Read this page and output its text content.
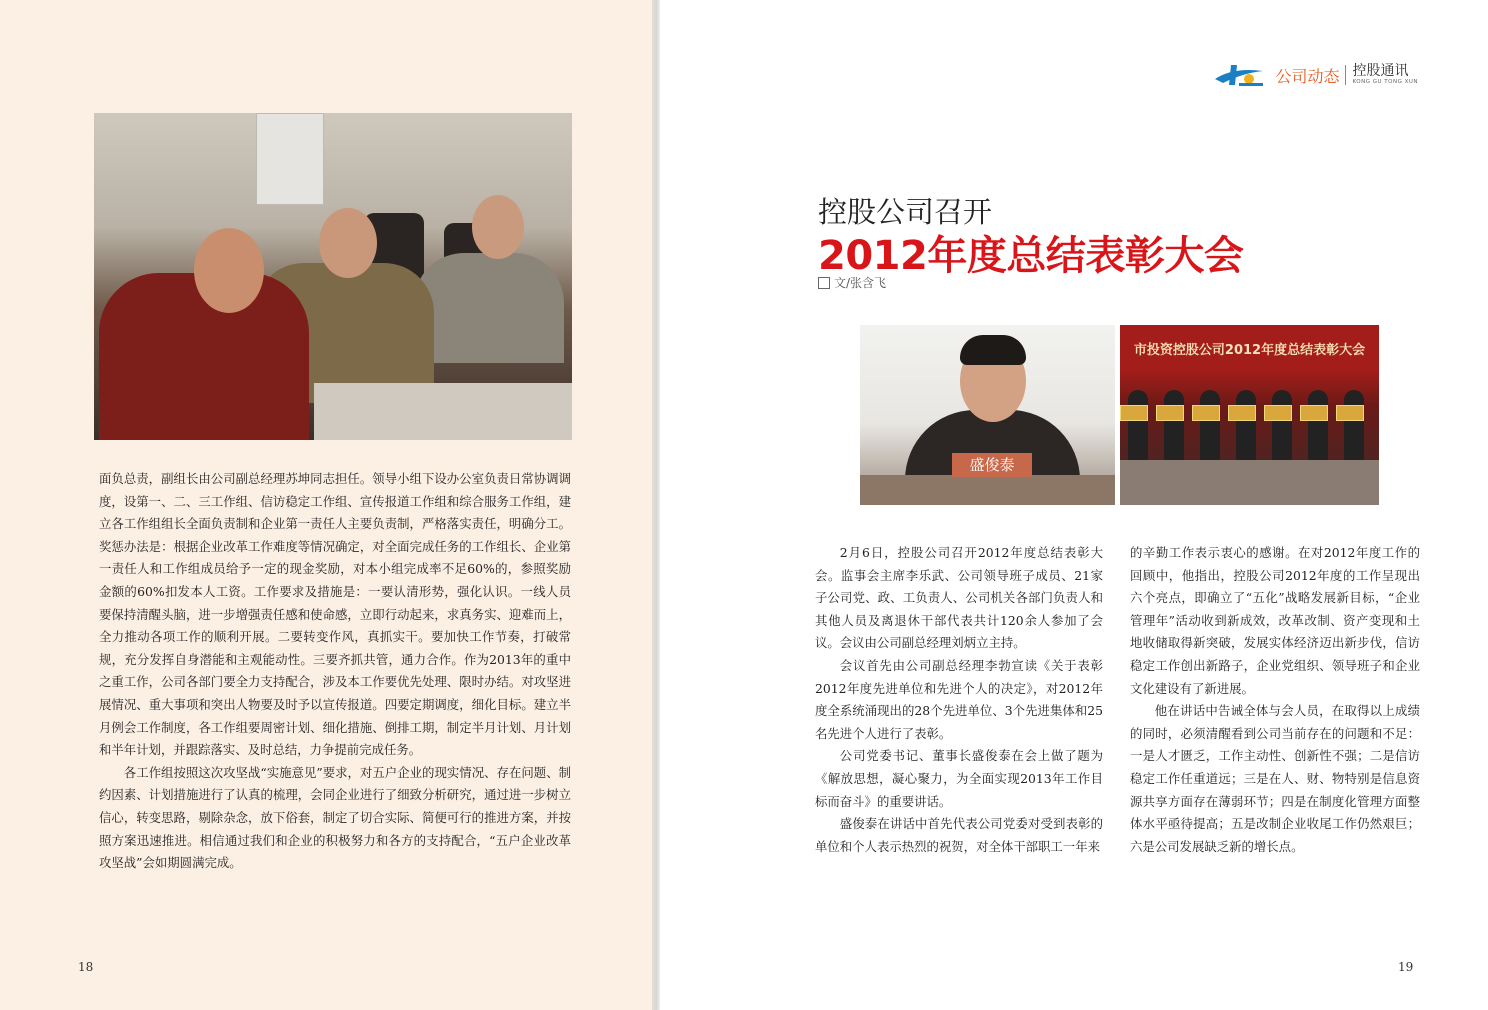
面负总责，副组长由公司副总经理苏坤同志担任。领导小组下设办公室负责日常协调调度，设第一、二、三工作组、信访稳定工作组、宣传报道工作组和综合服务工作组，建立各工作组组长全面负责制和企业第一责任人主要负责制，严格落实责任，明确分工。奖惩办法是：根据企业改革工作难度等情况确定，对全面完成任务的工作组长、企业第一责任人和工作组成员给予一定的现金奖励，对本小组完成率不足60%的，参照奖励金额的60%扣发本人工资。工作要求及措施是：一要认清形势，强化认识。一线人员要保持清醒头脑，进一步增强责任感和使命感，立即行动起来，求真务实、迎难而上，全力推动各项工作的顺利开展。二要转变作风，真抓实干。要加快工作节奏，打破常规，充分发挥自身潜能和主观能动性。三要齐抓共管，通力合作。作为2013年的重中之重工作，公司各部门要全力支持配合，涉及本工作要优先处理、限时办结。对攻坚进展情况、重大事项和突出人物要及时予以宣传报道。四要定期调度，细化目标。建立半月例会工作制度，各工作组要周密计划、细化措施、倒排工期，制定半月计划、月计划和半年计划，并跟踪落实、及时总结，力争提前完成任务。

各工作组按照这次攻坚战“实施意见”要求，对五户企业的现实情况、存在问题、制约因素、计划措施进行了认真的梳理，会同企业进行了细致分析研究，通过进一步树立信心，转变思路，剔除杂念，放下俗套，制定了切合实际、简便可行的推进方案，并按照方案迅速推进。相信通过我们和企业的积极努力和各方的支持配合，“五户企业改革攻坚战”会如期圆满完成。

18
公司动态 控股通讯
KONG GU TONG XUN
控股公司召开
2012年度总结表彰大会
文/张含飞
盛俊泰
市投资控股公司2012年度总结表彰大会

2月6日，控股公司召开2012年度总结表彰大会。监事会主席李乐武、公司领导班子成员、21家子公司党、政、工负责人、公司机关各部门负责人和其他人员及离退休干部代表共计120余人参加了会议。会议由公司副总经理刘炳立主持。

会议首先由公司副总经理李勃宣读《关于表彰2012年度先进单位和先进个人的决定》，对2012年度全系统涌现出的28个先进单位、3个先进集体和25名先进个人进行了表彰。

公司党委书记、董事长盛俊泰在会上做了题为《解放思想，凝心聚力，为全面实现2013年工作目标而奋斗》的重要讲话。

盛俊泰在讲话中首先代表公司党委对受到表彰的单位和个人表示热烈的祝贺，对全体干部职工一年来

的辛勤工作表示衷心的感谢。在对2012年度工作的回顾中，他指出，控股公司2012年度的工作呈现出六个亮点，即确立了“五化”战略发展新目标，“企业管理年”活动收到新成效，改革改制、资产变现和土地收储取得新突破，发展实体经济迈出新步伐，信访稳定工作创出新路子，企业党组织、领导班子和企业文化建设有了新进展。

他在讲话中告诫全体与会人员，在取得以上成绩的同时，必须清醒看到公司当前存在的问题和不足：一是人才匮乏，工作主动性、创新性不强；二是信访稳定工作任重道远；三是在人、财、物特别是信息资源共享方面存在薄弱环节；四是在制度化管理方面整体水平亟待提高；五是改制企业收尾工作仍然艰巨；六是公司发展缺乏新的增长点。

19
